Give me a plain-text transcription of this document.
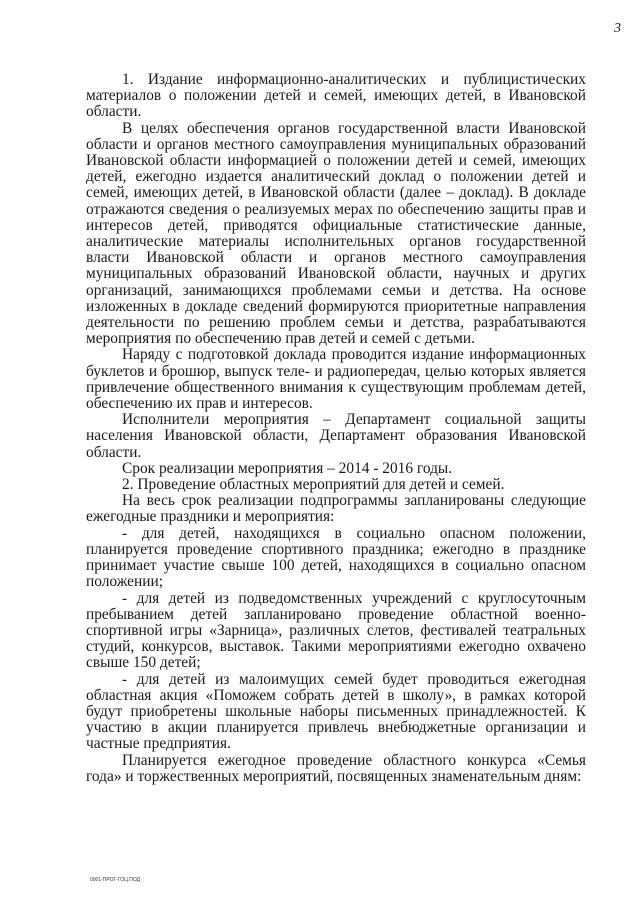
3

1. Издание информационно-аналитических и публицистических материалов о положении детей и семей, имеющих детей, в Ивановской области.

В целях обеспечения органов государственной власти Ивановской области и органов местного самоуправления муниципальных образований Ивановской области информацией о положении детей и семей, имеющих детей, ежегодно издается аналитический доклад о положении детей и семей, имеющих детей, в Ивановской области (далее – доклад). В докладе отражаются сведения о реализуемых мерах по обеспечению защиты прав и интересов детей, приводятся официальные статистические данные, аналитические материалы исполнительных органов государственной власти Ивановской области и органов местного самоуправления муниципальных образований Ивановской области, научных и других организаций, занимающихся проблемами семьи и детства. На основе изложенных в докладе сведений формируются приоритетные направления деятельности по решению проблем семьи и детства, разрабатываются мероприятия по обеспечению прав детей и семей с детьми.

Наряду с подготовкой доклада проводится издание информационных буклетов и брошюр, выпуск теле- и радиопередач, целью которых является привлечение общественного внимания к существующим проблемам детей, обеспечению их прав и интересов.

Исполнители мероприятия – Департамент социальной защиты населения Ивановской области, Департамент образования Ивановской области.

Срок реализации мероприятия – 2014 - 2016 годы.

2. Проведение областных мероприятий для детей и семей.

На весь срок реализации подпрограммы запланированы следующие ежегодные праздники и мероприятия:

- для детей, находящихся в социально опасном положении, планируется проведение спортивного праздника; ежегодно в празднике принимает участие свыше 100 детей, находящихся в социально опасном положении;

- для детей из подведомственных учреждений с круглосуточным пребыванием детей запланировано проведение областной военно-спортивной игры «Зарница», различных слетов, фестивалей театральных студий, конкурсов, выставок. Такими мероприятиями ежегодно охвачено свыше 150 детей;

- для детей из малоимущих семей будет проводиться ежегодная областная акция «Поможем собрать детей в школу», в рамках которой будут приобретены школьные наборы письменных принадлежностей. К участию в акции планируется привлечь внебюджетные организации и частные предприятия.

Планируется ежегодное проведение областного конкурса «Семья года» и торжественных мероприятий, посвященных знаменательным дням:

0001-ПРОГ-ГОЦ.ПОД
